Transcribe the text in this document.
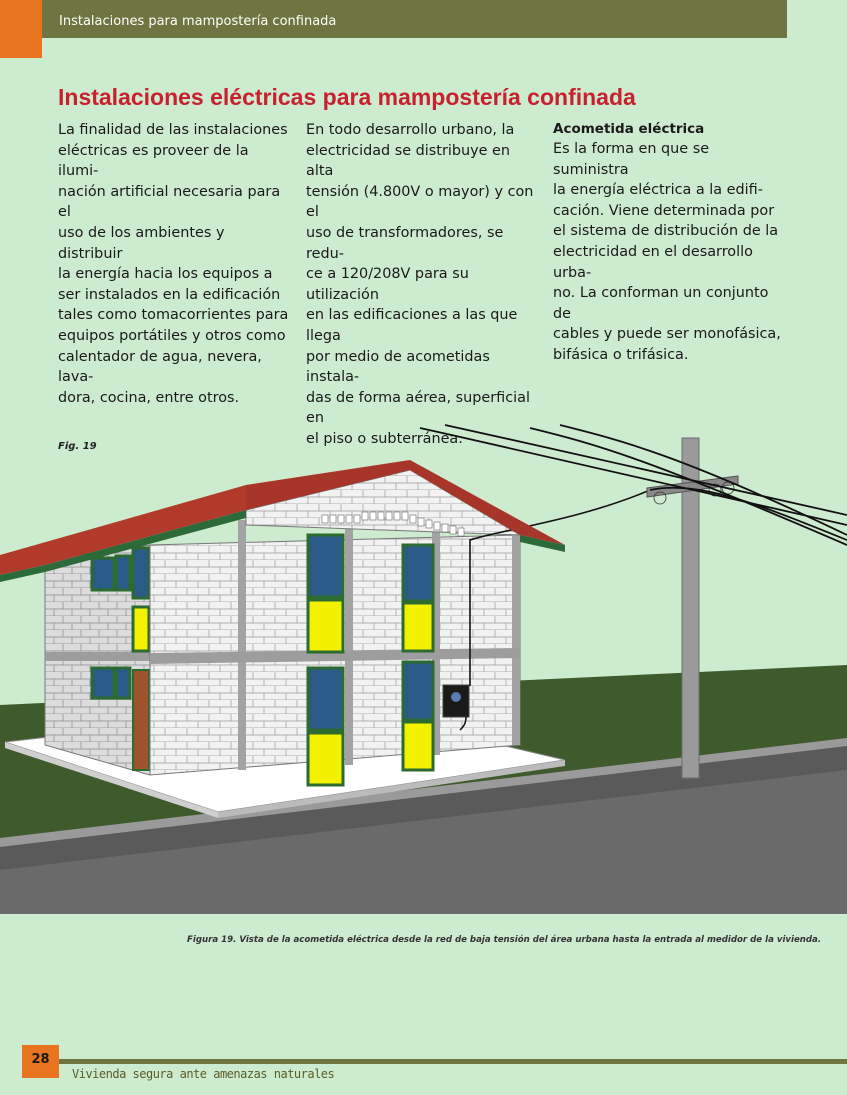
Instalaciones para mampostería confinada
Instalaciones eléctricas para mampostería confinada

La finalidad de las instalaciones

eléctricas es proveer de la ilumi-

nación artificial necesaria para el

uso de los ambientes y distribuir

la energía hacia los equipos a

ser instalados en la edificación

tales como tomacorrientes para

equipos portátiles y otros como

calentador de agua, nevera, lava-

dora, cocina, entre otros.

En todo desarrollo urbano, la

electricidad se distribuye en alta

tensión (4.800V o mayor) y con el

uso de transformadores, se redu-

ce a 120/208V para su utilización

en las edificaciones a las que llega

por medio de acometidas instala-

das de forma aérea, superficial en

el piso o subterránea.

Acometida eléctrica

Es la forma en que se suministra

la energía eléctrica a la edifi-

cación. Viene determinada por

el sistema de distribución de la

electricidad en el desarrollo urba-

no. La conforman un conjunto de

cables y puede ser monofásica,

bifásica o trifásica.

Fig. 19
Figura 19. Vista de la acometida eléctrica desde la red de baja tensión del área urbana hasta la entrada al medidor de la vivienda.
28
Vivienda segura ante amenazas naturales
